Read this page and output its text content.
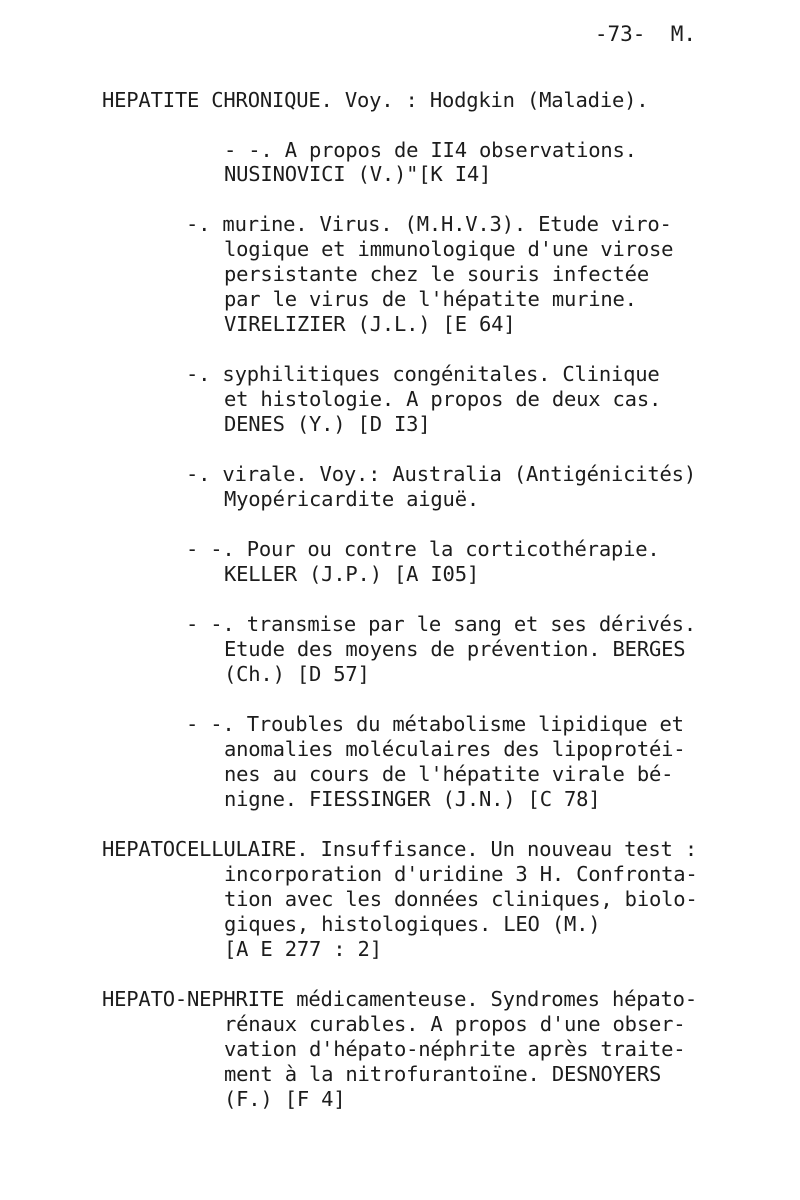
-73- M.
HEPATITE CHRONIQUE. Voy. : Hodgkin (Maladie).
- -. A propos de II4 observations.
NUSINOVICI (V.)"[K I4]
-. murine. Virus. (M.H.V.3). Etude viro-
logique et immunologique d'une virose
persistante chez le souris infectée
par le virus de l'hépatite murine.
VIRELIZIER (J.L.) [E 64]
-. syphilitiques congénitales. Clinique
et histologie. A propos de deux cas.
DENES (Y.) [D I3]
-. virale. Voy.: Australia (Antigénicités)
Myopéricardite aiguë.
- -. Pour ou contre la corticothérapie.
KELLER (J.P.) [A I05]
- -. transmise par le sang et ses dérivés.
Etude des moyens de prévention. BERGES
(Ch.) [D 57]
- -. Troubles du métabolisme lipidique et
anomalies moléculaires des lipoprotéi-
nes au cours de l'hépatite virale bé-
nigne. FIESSINGER (J.N.) [C 78]
HEPATOCELLULAIRE. Insuffisance. Un nouveau test :
incorporation d'uridine 3 H. Confronta-
tion avec les données cliniques, biolo-
giques, histologiques. LEO (M.)
[A E 277 : 2]
HEPATO-NEPHRITE médicamenteuse. Syndromes hépato-
rénaux curables. A propos d'une obser-
vation d'hépato-néphrite après traite-
ment à la nitrofurantoïne. DESNOYERS
(F.) [F 4]
